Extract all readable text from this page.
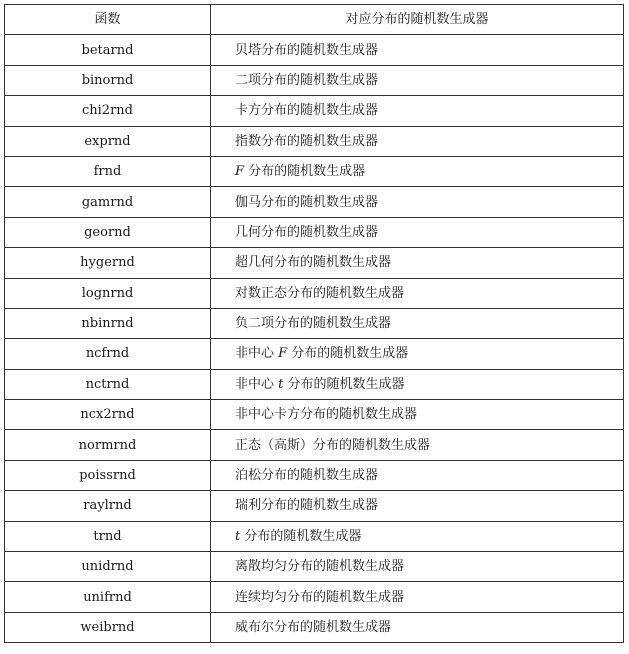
函数	对应分布的随机数生成器
betarnd	贝塔分布的随机数生成器
binornd	二项分布的随机数生成器
chi2rnd	卡方分布的随机数生成器
exprnd	指数分布的随机数生成器
frnd	F 分布的随机数生成器
gamrnd	伽马分布的随机数生成器
geornd	几何分布的随机数生成器
hygernd	超几何分布的随机数生成器
lognrnd	对数正态分布的随机数生成器
nbinrnd	负二项分布的随机数生成器
ncfrnd	非中心 F 分布的随机数生成器
nctrnd	非中心 t 分布的随机数生成器
ncx2rnd	非中心卡方分布的随机数生成器
normrnd	正态（高斯）分布的随机数生成器
poissrnd	泊松分布的随机数生成器
raylrnd	瑞利分布的随机数生成器
trnd	t 分布的随机数生成器
unidrnd	离散均匀分布的随机数生成器
unifrnd	连续均匀分布的随机数生成器
weibrnd	威布尔分布的随机数生成器
